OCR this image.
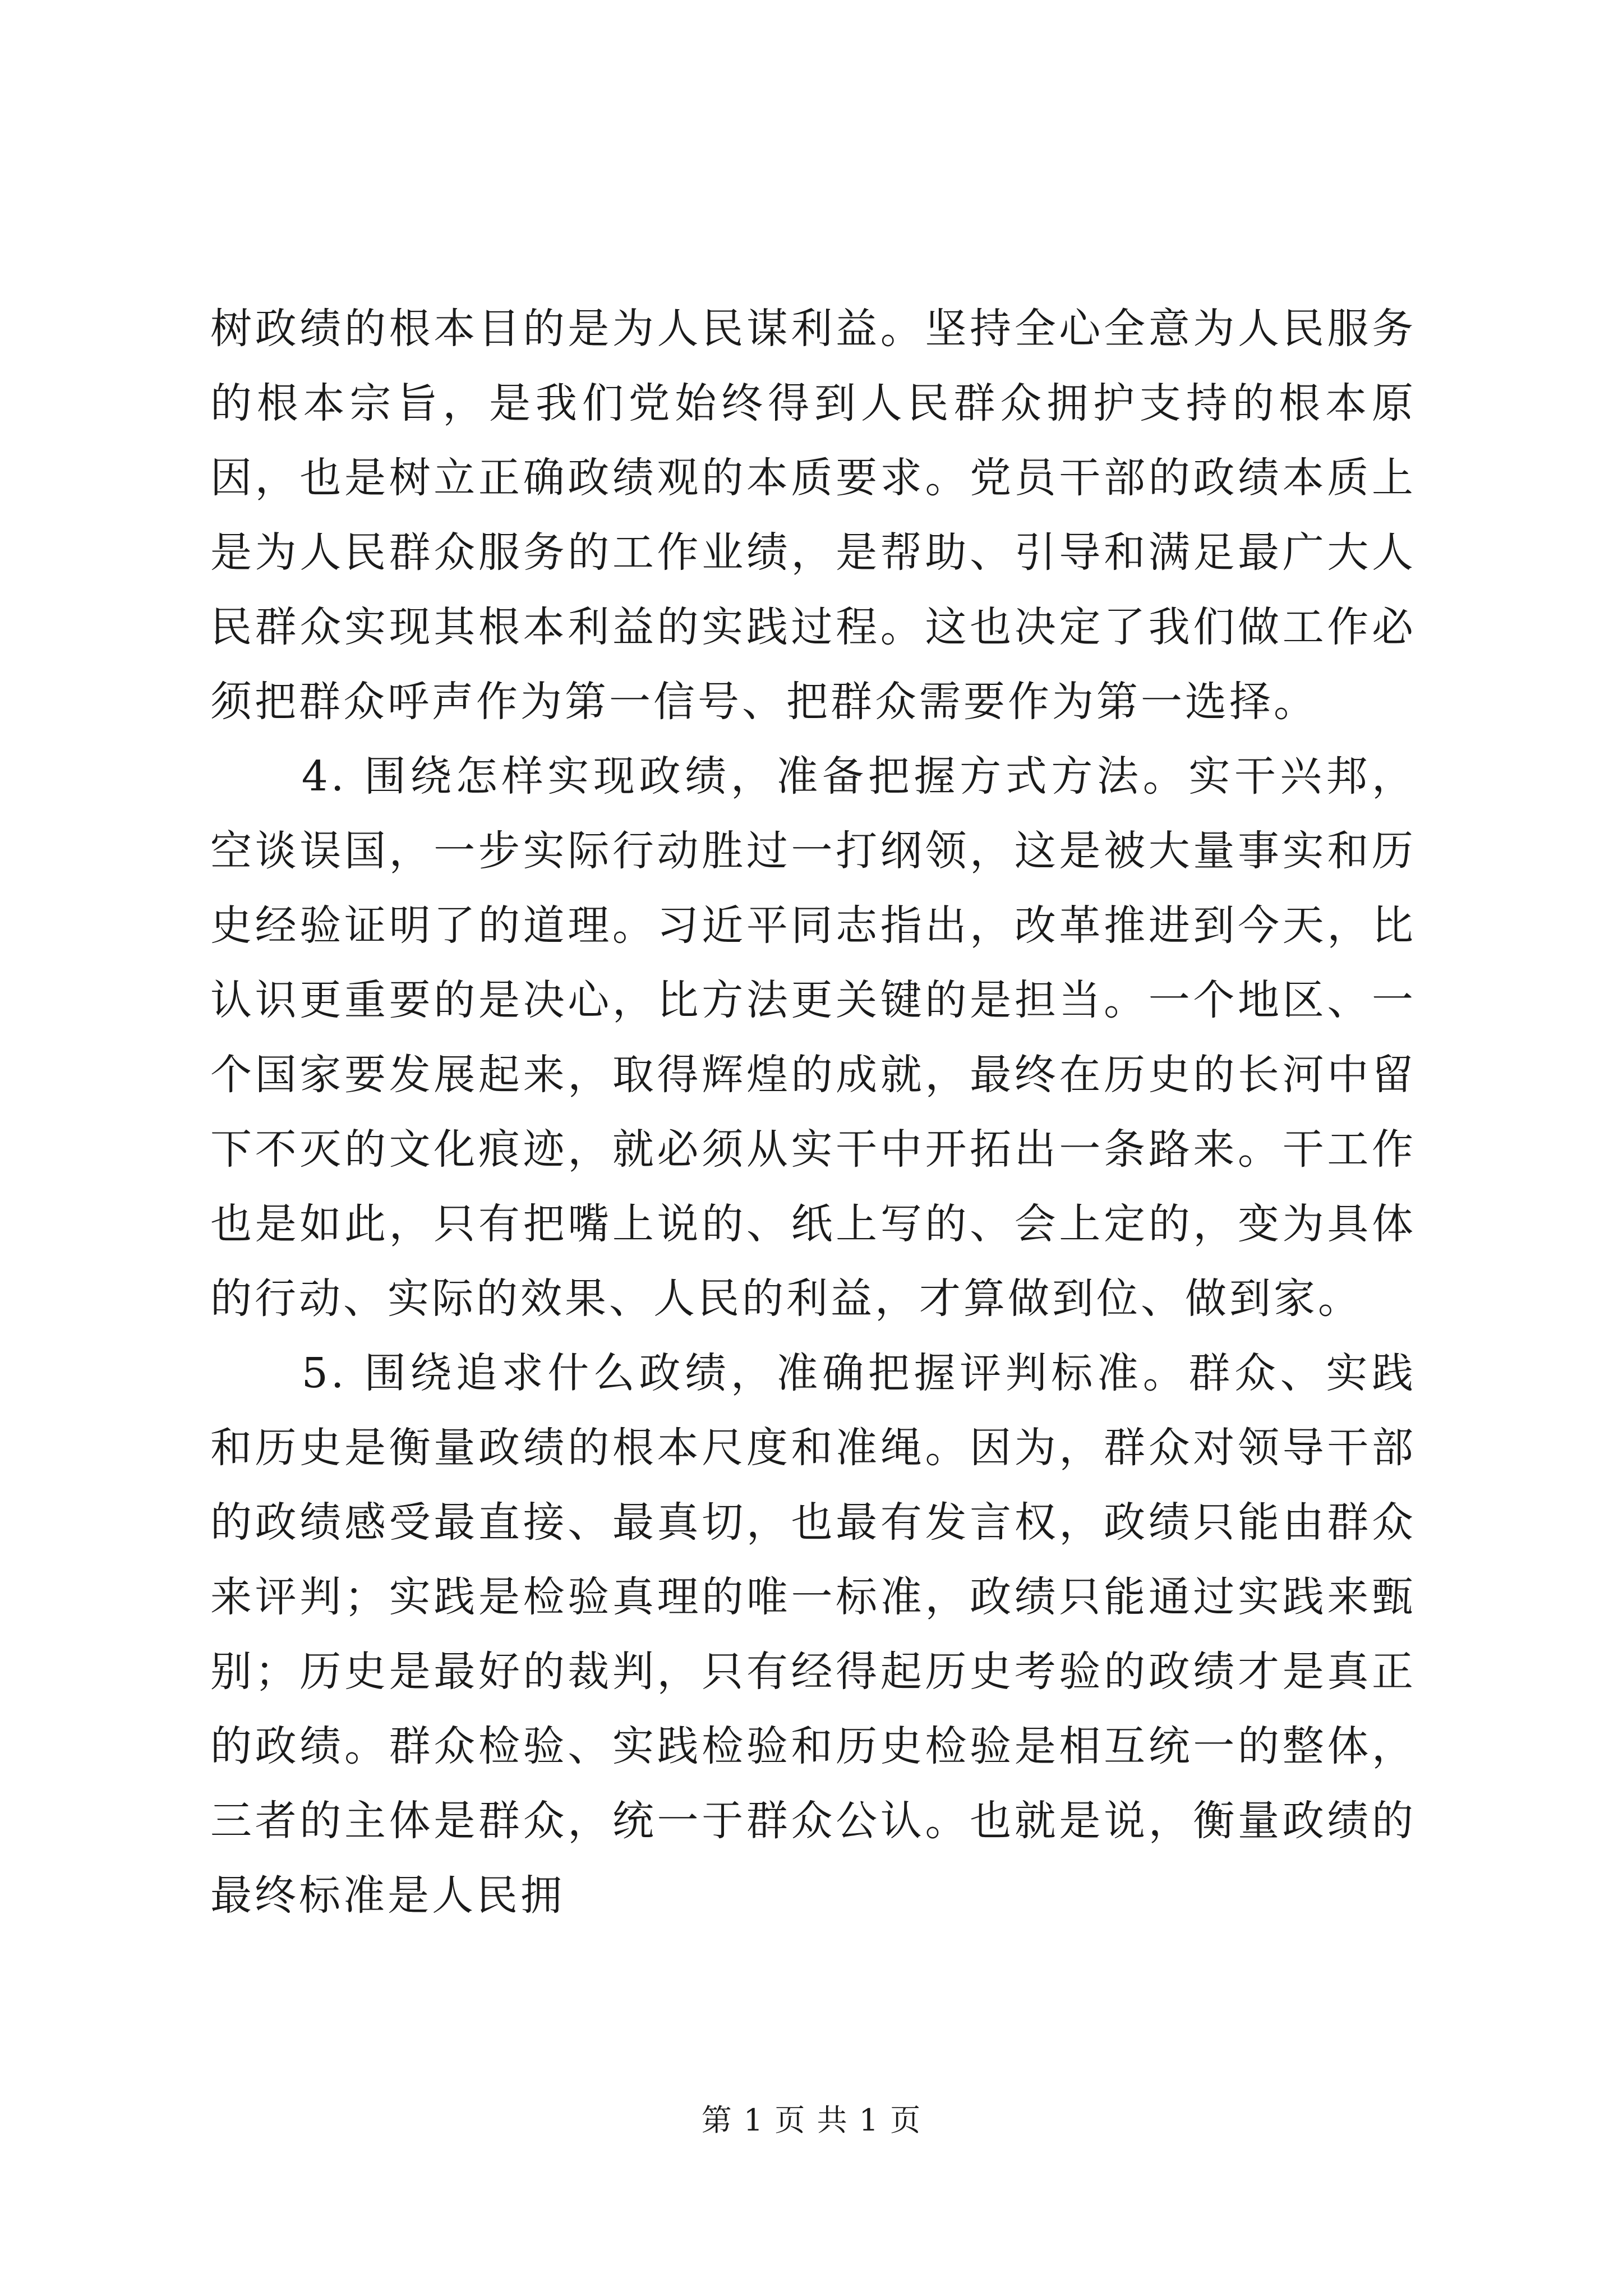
树政绩的根本目的是为人民谋利益。坚持全心全意为人民服务的根本宗旨，是我们党始终得到人民群众拥护支持的根本原因，也是树立正确政绩观的本质要求。党员干部的政绩本质上是为人民群众服务的工作业绩，是帮助、引导和满足最广大人民群众实现其根本利益的实践过程。这也决定了我们做工作必须把群众呼声作为第一信号、把群众需要作为第一选择。

4. 围绕怎样实现政绩，准备把握方式方法。实干兴邦，空谈误国，一步实际行动胜过一打纲领，这是被大量事实和历史经验证明了的道理。习近平同志指出，改革推进到今天，比认识更重要的是决心，比方法更关键的是担当。一个地区、一个国家要发展起来，取得辉煌的成就，最终在历史的长河中留下不灭的文化痕迹，就必须从实干中开拓出一条路来。干工作也是如此，只有把嘴上说的、纸上写的、会上定的，变为具体的行动、实际的效果、人民的利益，才算做到位、做到家。

5. 围绕追求什么政绩，准确把握评判标准。群众、实践和历史是衡量政绩的根本尺度和准绳。因为，群众对领导干部的政绩感受最直接、最真切，也最有发言权，政绩只能由群众来评判；实践是检验真理的唯一标准，政绩只能通过实践来甄别；历史是最好的裁判，只有经得起历史考验的政绩才是真正的政绩。群众检验、实践检验和历史检验是相互统一的整体，三者的主体是群众，统一于群众公认。也就是说，衡量政绩的最终标准是人民拥

第 1 页 共 1 页
